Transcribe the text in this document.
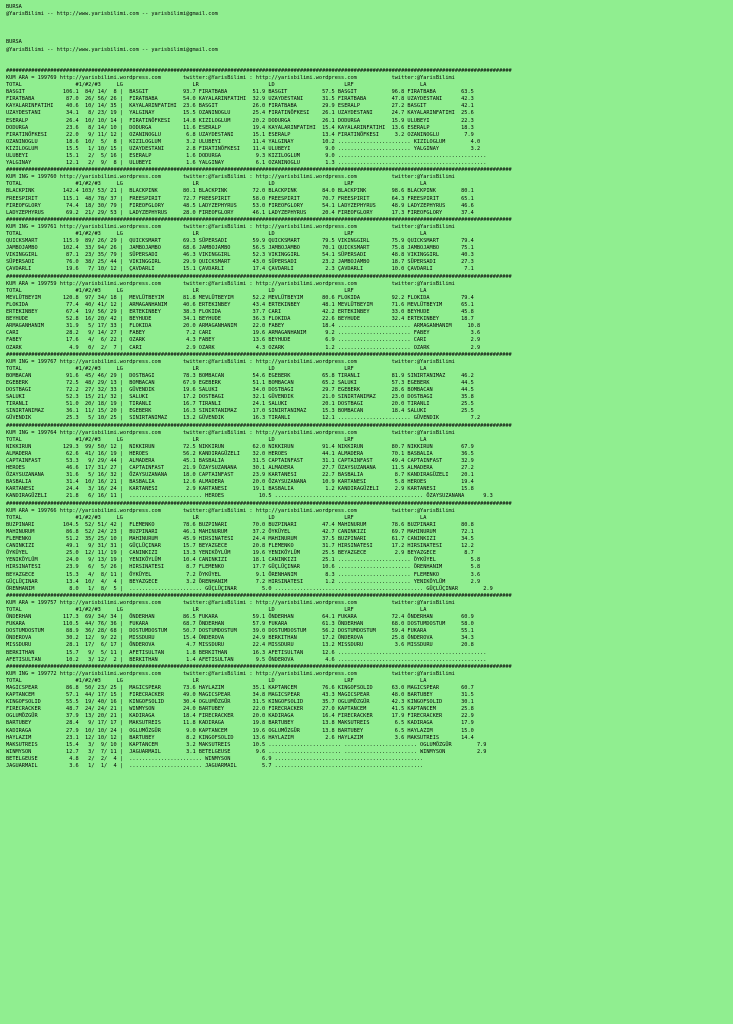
BURSA
@YarisBilimi -- http://www.yarisbilimi.com -- yarisbilimi@gmail.com

BURSA
@YarisBilimi -- http://www.yarisbilimi.com -- yarisbilimi@gmail.com

################################################################################################################################################################
KUM ARA = 199769 http://yarisbilimi.wordpress.com       twitter:@YarisBilimi : http://yarisbilimi.wordpress.com           twitter:@YarisBilimi
TOTAL                 #1/#2/#3     LG                      LR                      LD                      LRF                     LA
BASGIT            106.1  84/ 14/  8 |  BASGIT           93.7 FIRATBABA        51.9 BASGIT           57.5 BASGIT           96.8 FIRATBABA        63.5
FIRATBABA          87.0  26/ 56/ 26 |  FIRATBABA        54.0 KAYALARINFATIHI  32.9 UZAYDESTANI      31.5 FIRATBABA        47.8 UZAYDESTANI      42.3
KAYALARINFATIHI    40.6  10/ 14/ 35 |  KAYALARINFATIHI  23.6 BASGIT           26.0 FIRATBABA        29.9 ESERALP          27.2 BASGIT           42.1
UZAYDESTANI        34.1   8/ 23/ 19 |  YALGINAY         15.5 OZANINOGLU       25.4 FIRATINÖFKESI    26.1 UZAYDESTANI      24.7 KAYALARINFATIHI  25.6
ESERALP            26.4  10/ 10/ 14 |  FIRATINÖFKESI    14.8 KIZILOGLUM       20.2 DODURGA          26.1 DODURGA          15.9 ULUBEYI          22.3
DODURGA            23.6   8/ 14/ 10 |  DODURGA          11.6 ESERALP          19.4 KAYALARINFATIHI  15.4 KAYALARINFATIHI  13.6 ESERALP          18.3
FIRATINÖFKESI      22.0   9/ 11/ 12 |  OZANINOGLU        6.8 UZAYDESTANI      15.1 ESERALP          13.4 FIRATINÖFKESI     3.2 OZANINOGLU        7.9
OZANINOGLU         18.6  10/  5/  8 |  KIZILOGLUM        3.2 ULUBEYI          11.4 YALGINAY         10.2 ....................... KIZILOGLUM        4.0
KIZILOGLUM         15.5   1/ 10/ 15 |  UZAYDESTANI       2.8 FIRATINÖFKESI    11.4 ULUBEYI           9.0 ....................... YALGINAY          3.2
ULUBEYI            15.1   2/  5/ 16 |  ESERALP           1.6 DODURGA           9.3 KIZILOGLUM        9.0 ...............................................
YALGINAY           12.1   2/  9/  8 |  ULUBEYI           1.6 YALGINAY          6.1 OZANINOGLU        1.3 ...............................................
################################################################################################################################################################
KUM ING = 199760 http://yarisbilimi.wordpress.com       twitter:@YarisBilimi : http://yarisbilimi.wordpress.com           twitter:@YarisBilimi
TOTAL                 #1/#2/#3     LG                      LR                      LD                      LRF                     LA
BLACKPINK         142.4 103/ 53/ 21 |  BLACKPINK        80.1 BLACKPINK        72.0 BLACKPINK        84.0 BLACKPINK        98.6 BLACKPINK        80.1
FREESPIRIT        115.1  48/ 78/ 37 |  FREESPIRIT       72.7 FREESPIRIT       58.0 FREESPIRIT       70.7 FREESPIRIT       64.3 FREESPIRIT       65.1
FIREOFGLORY        74.4  18/ 30/ 79 |  FIREOFGLORY      48.5 LADYZEPHYRUS     53.0 FIREOFGLORY      54.1 LADYZEPHYRUS     48.9 LADYZEPHYRUS     46.6
LADYZEPHYRUS       69.2  21/ 29/ 53 |  LADYZEPHYRUS     28.0 FIREOFGLORY      46.1 LADYZEPHYRUS     20.4 FIREOFGLORY      17.3 FIREOFGLORY      37.4
################################################################################################################################################################
KUM ING = 199761 http://yarisbilimi.wordpress.com       twitter:@YarisBilimi : http://yarisbilimi.wordpress.com           twitter:@YarisBilimi
TOTAL                 #1/#2/#3     LG                      LR                      LD                      LRF                     LA
QUICKSMART        115.9  89/ 26/ 29 |  QUICKSMART       69.3 SÜPERSADI        59.9 QUICKSMART       79.5 VIKINGGIRL       75.9 QUICKSMART       79.4
JAMBOJAMBO        102.4  33/ 94/ 26 |  JAMBOJAMBO       68.6 JAMBOJAMBO       56.5 JAMBOJAMBO       70.1 QUICKSMART       75.8 JAMBOJAMBO       75.1
VIKINGGIRL         87.1  23/ 35/ 79 |  SÜPERSADI        46.3 VIKINGGIRL       52.3 VIKINGGIRL       54.1 SÜPERSADI        48.8 VIKINGGIRL       40.3
SÜPERSADI          76.0  38/ 25/ 44 |  VIKINGGIRL       29.9 QUICKSMART       43.0 SÜPERSADI        23.2 JAMBOJAMBO       18.7 SÜPERSADI        27.3
ÇAVDARLI           19.6   7/ 10/ 12 |  ÇAVDARLI         15.1 ÇAVDARLI         17.4 ÇAVDARLI          2.3 ÇAVDARLI         10.0 ÇAVDARLI          7.1
################################################################################################################################################################
KUM ARA = 199759 http://yarisbilimi.wordpress.com       twitter:@YarisBilimi : http://yarisbilimi.wordpress.com           twitter:@YarisBilimi
TOTAL                 #1/#2/#3     LG                      LR                      LD                      LRF                     LA
MEVLÜTBEYIM       120.8  97/ 34/ 18 |  MEVLÜTBEYIM      81.8 MEVLÜTBEYIM      52.2 MEVLÜTBEYIM      80.6 FLOKIDA          92.2 FLOKIDA          79.4
FLOKIDA            77.4  40/ 41/ 12 |  ARMAGANHANIM     40.6 ERTEKINBEY       43.4 ERTEKINBEY       48.1 MEVLÜTBEYIM      71.6 MEVLÜTBEYIM      65.1
ERTEKINBEY         67.4  19/ 56/ 29 |  ERTEKINBEY       38.3 FLOKIDA          37.7 CARI             42.2 ERTEKINBEY       33.0 BEYHUDE          45.8
BEYHUDE            52.8  16/ 20/ 42 |  BEYHUDE          34.1 BEYHUDE          36.3 FLOKIDA          22.6 BEYHUDE          32.4 ERTEKINBEY       18.7
ARMAGANHANIM       31.9   5/ 17/ 33 |  FLOKIDA          20.0 ARMAGANHANIM     22.0 FABEY            18.4 ....................... ARMAGANHANIM     10.8
CARI               28.2   9/ 14/ 27 |  FABEY             7.2 CARI             19.6 ARMAGANHANIM      9.2 ....................... FABEY             3.6
FABEY              17.6   4/  6/ 22 |  OZARK             4.3 FABEY            13.6 BEYHUDE           6.9 ....................... CARI              2.9
OZARK               4.9   0/  2/  7 |  CARI              2.9 OZARK             4.3 OZARK             1.2 ....................... OZARK             2.9
################################################################################################################################################################
KUM ING = 199767 http://yarisbilimi.wordpress.com       twitter:@YarisBilimi : http://yarisbilimi.wordpress.com           twitter:@YarisBilimi
TOTAL                 #1/#2/#3     LG                      LR                      LD                      LRF                     LA
BOMBACAN           91.6  45/ 46/ 29 |  DOSTBAGI         78.3 BOMBACAN         54.6 EGEBERK          65.8 TIRANLI          81.9 SINIRTANIMAZ     46.2
EGEBERK            72.5  48/ 29/ 13 |  BOMBACAN         67.9 EGEBERK          51.1 BOMBACAN         65.2 SALUKI           57.3 EGEBERK          44.5
DOSTBAGI           72.2  27/ 32/ 33 |  GÜVENDIK         19.6 SALUKI           34.0 DOSTBAGI         29.7 EGEBERK          28.6 BOMBACAN         44.5
SALUKI             52.3  15/ 21/ 32 |  SALUKI           17.2 DOSTBAGI         32.1 GÜVENDIK         21.0 SINIRTANIMAZ     23.0 DOSTBAGI         35.8
TIRANLI            51.0  20/ 18/ 19 |  TIRANLI          16.7 TIRANLI          24.1 SALUKI           20.1 DOSTBAGI         20.0 TIRANLI          25.5
SINIRTANIMAZ       36.1  11/ 15/ 20 |  EGEBERK          16.3 SINIRTANIMAZ     17.0 SINIRTANIMAZ     15.3 BOMBACAN         18.4 SALUKI           25.5
GÜVENDIK           25.3   5/ 10/ 25 |  SINIRTANIMAZ     13.2 GÜVENDIK         16.3 TIRANLI          12.1 ....................... GÜVENDIK          7.2
################################################################################################################################################################
KUM ING = 199764 http://yarisbilimi.wordpress.com       twitter:@YarisBilimi : http://yarisbilimi.wordpress.com           twitter:@YarisBilimi
TOTAL                 #1/#2/#3     LG                      LR                      LD                      LRF                     LA
NIKKIRUN          129.3  99/ 50/ 12 |  NIKKIRUN         72.5 NIKKIRUN         62.0 NIKKIRUN         91.4 NIKKIRUN         80.7 NIKKIRUN         67.9
ALMADERA           62.6  41/ 16/ 19 |  HEROES           56.2 KANDIRAGÜZELI    32.0 HEROES           44.1 ALMADERA         70.1 BASBALIA         36.5
CAPTAINFAST        53.3   9/ 29/ 44 |  ALMADERA         45.1 BASBALIA         31.5 CAPTAINFAST      31.1 CAPTAINFAST      49.4 CAPTAINFAST      32.9
HEROES             46.6  17/ 31/ 27 |  CAPTAINFAST      21.9 ÖZAYSUZANANA     30.1 ALMADERA         27.7 ÖZAYSUZANANA     11.5 ALMADERA         27.2
ÖZAYSUZANANA       31.6   5/ 16/ 32 |  ÖZAYSUZANANA     18.0 CAPTAINFAST      23.9 KARTANESI        22.7 BASBALIA          8.7 KANDIRAGÜZELI    20.1
BASBALIA           31.4  10/ 16/ 21 |  BASBALIA         12.6 ALMADERA         20.0 ÖZAYSUZANANA     10.9 KARTANESI         5.8 HEROES           19.4
KARTANESI          24.4   3/ 16/ 24 |  KARTANESI         2.9 KARTANESI        19.1 BASBALIA          1.2 KANDIRAGÜZELI     2.9 KARTANESI        15.8
KANDIRAGÜZELI      21.8   6/ 16/ 11 |  ....................... HEROES           10.5 ....................... ....................... ÖZAYSUZANANA      9.3
################################################################################################################################################################
KUM ARA = 199766 http://yarisbilimi.wordpress.com       twitter:@YarisBilimi : http://yarisbilimi.wordpress.com           twitter:@YarisBilimi
TOTAL                 #1/#2/#3     LG                      LR                      LD                      LRF                     LA
BUZPINARI         104.5  52/ 51/ 42 |  FLEMENKO         78.6 BUZPINARI        70.0 BUZPINARI        47.4 MAHINURUM        78.6 BUZPINARI        80.8
MAHINURUM          86.8  52/ 24/ 23 |  BUZPINARI        46.1 MAHINURUM        37.2 ÖYKÜYEL          42.7 CANINKIZI        69.7 MAHINURUM        72.1
FLEMENKO           51.2  35/ 25/ 10 |  MAHINURUM        45.9 HIRSINATESI      24.4 MAHINURUM        37.5 BUZPINARI        61.7 CANINKIZI        34.5
CANINKIZI          49.1   9/ 31/ 31 |  GÜÇLÜÇINAR       15.7 BEYAZGECE        20.8 FLEMENKO         31.7 HIRSINATESI      17.2 HIRSINATESI      12.2
ÖYKÜYEL            25.0  12/ 11/ 19 |  CANINKIZI        13.3 YENIKÖYLÜM       19.6 YENIKÖYLÜM       25.5 BEYAZGECE         2.9 BEYAZGECE         8.7
YENIKÖYLÜM         24.0   9/ 13/ 19 |  YENIKÖYLÜM       10.4 CANINKIZI        18.1 CANINKIZI        25.1 ....................... ÖYKÜYEL           5.8
HIRSINATESI        23.9   6/  5/ 26 |  HIRSINATESI       8.7 FLEMENKO         17.7 GÜÇLÜÇINAR       10.6 ....................... ÖRENHANIM         5.8
BEYAZGECE          15.3   4/  8/ 11 |  ÖYKÜYEL           7.2 ÖYKÜYEL           9.1 ÖRENHANIM         8.3 ....................... FLEMENKO          3.6
GÜÇLÜÇINAR         13.4  10/  4/  4 |  BEYAZGECE         3.2 ÖRENHANIM         7.2 HIRSINATESI       1.2 ....................... YENIKÖYLÜM        2.9
ÖRENHANIM           8.0   1/  8/  5 |  ....................... GÜÇLÜÇINAR        5.0 ....................... ....................... GÜÇLÜÇINAR        2.9
################################################################################################################################################################
KUM ARA = 199757 http://yarisbilimi.wordpress.com       twitter:@YarisBilimi : http://yarisbilimi.wordpress.com           twitter:@YarisBilimi
TOTAL                 #1/#2/#3     LG                      LR                      LD                      LRF                     LA
ÖNDERHAN          117.3  69/ 34/ 34 |  ÖNDERHAN         86.5 FUKARA           59.1 ÖNDERHAN         64.1 FUKARA           72.4 ÖNDERHAN         60.9
FUKARA            110.5  44/ 76/ 36 |  FUKARA           68.7 ÖNDERHAN         57.9 FUKARA           61.3 ÖNDERHAN         68.0 DOSTUMDOSTUM     58.0
DOSTUMDOSTUM       88.9  36/ 28/ 68 |  DOSTUMDOSTUM     50.7 DOSTUMDOSTUM     39.0 DOSTUMDOSTUM     56.2 DOSTUMDOSTUM     59.4 FUKARA           55.1
ÖNDEROVA           30.2  12/  9/ 22 |  MISSDURU         15.4 ÖNDEROVA         24.9 BERKITHAN        17.2 ÖNDEROVA         25.8 ÖNDEROVA         34.3
MISSDURU           28.1  17/  6/ 17 |  ÖNDEROVA          4.7 MISSDURU         22.4 MISSDURU         13.2 MISSDURU          3.6 MISSDURU         20.8
BERKITHAN          15.7   9/  5/ 11 |  AFETISULTAN       1.8 BERKITHAN        16.3 AFETISULTAN      12.6 ...............................................
AFETISULTAN        10.2   3/ 12/  2 |  BERKITHAN         1.4 AFETISULTAN       9.5 ÖNDEROVA          4.6 ...............................................
################################################################################################################################################################
KUM ING = 199772 http://yarisbilimi.wordpress.com       twitter:@YarisBilimi : http://yarisbilimi.wordpress.com           twitter:@YarisBilimi
TOTAL                 #1/#2/#3     LG                      LR                      LD                      LRF                     LA
MAGICSPEAR         86.8  50/ 23/ 25 |  MAGICSPEAR       73.6 HAYLAZIM         35.1 KAPTANCEM        76.6 KINGOFSOLID      63.0 MAGICSPEAR       60.7
KAPTANCEM          57.1  44/ 17/ 15 |  FIRECRACKER      49.0 MAGICSPEAR       34.8 MAGICSPEAR       43.3 MAGICSPEAR       48.0 BARTUBEY         31.5
KINGOFSOLID        55.5  19/ 40/ 16 |  KINGOFSOLID      30.4 OGLUMÖZGÜR       31.5 KINGOFSOLID      35.7 OGLUMÖZGÜR       42.3 KINGOFSOLID      30.1
FIRECRACKER        48.7  24/ 24/ 21 |  WINMYSON         24.0 BARTUBEY         22.0 FIRECRACKER      27.0 KAPTANCEM        41.5 KAPTANCEM        25.8
OGLUMÖZGÜR         37.9  13/ 20/ 21 |  KADIRAGA         18.4 FIRECRACKER      20.0 KADIRAGA         16.4 FIRECRACKER      17.9 FIRECRACKER      22.9
BARTUBEY           28.4   9/ 17/ 17 |  MAKSUTREIS       11.8 KADIRAGA         19.8 BARTUBEY         13.8 MAKSUTREIS        6.5 KADIRAGA         17.9
KADIRAGA           27.9  10/ 10/ 24 |  OGLUMÖZGÜR        9.0 KAPTANCEM        19.6 OGLUMÖZGÜR       13.8 BARTUBEY          6.5 HAYLAZIM         15.0
HAYLAZIM           23.1  12/ 10/ 12 |  BARTUBEY          8.2 KINGOFSOLID      13.6 HAYLAZIM          2.6 HAYLAZIM          3.6 MAKSUTREIS       14.4
MAKSUTREIS         15.4   3/  9/ 10 |  KAPTANCEM         3.2 MAKSUTREIS       10.5 ....................... ....................... OGLUMÖZGÜR        7.9
WINMYSON           12.7   3/  7/ 11 |  JAGUARMAIL        3.1 BETELGEUSE        9.6 ....................... ....................... WINMYSON          2.9
BETELGEUSE          4.8   2/  2/  4 |  ....................... WINMYSON          6.9 ...............................................
JAGUARMAIL          3.6   1/  1/  4 |  ....................... JAGUARMAIL        5.7 ...............................................
